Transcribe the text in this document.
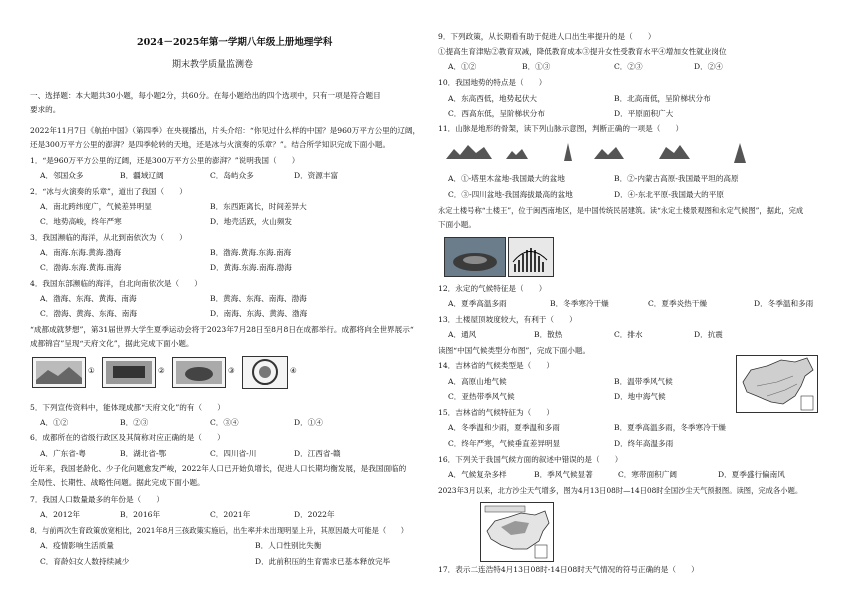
2024－2025年第一学期八年级上册地理学科
期末教学质量监测卷
一、选择题：本大题共30小题，每小题2分，共60分。在每小题给出的四个选项中，只有一项是符合题目
要求的。
2022年11月7日《航拍中国》（第四季）在央视播出，片头介绍：“你见过什么样的中国？是960万平方公里的辽阔，
还是300万平方公里的澎湃？是四季轮转的天地，还是冰与火演奏的乐章？”。结合所学知识完成下面小题。
1．“是960万平方公里的辽阔，还是300万平方公里的澎湃？”说明我国（　　）
A．邻国众多	B．疆域辽阔	C．岛屿众多	D．资源丰富
2．“冰与火演奏的乐章”，道出了我国（　　）
A．南北跨纬度广，气候差异明显	B．东西距离长，时间差异大
C．地势高峻，终年严寒	D．地壳活跃，火山频发
3．我国濒临的海洋，从北到南依次为（　　）
A．南海.东海.黄海.渤海	B．渤海.黄海.东海.南海
C．渤海.东海.黄海.南海	D．黄海.东海.南海.渤海
4．我国东部濒临的海洋，自北向南依次是（　　）
A．渤海、东海、黄海、南海	B．黄海、东海、南海、渤海
C．渤海、黄海、东海、南海	D．南海、东海、黄海、渤海
“成都成就梦想”，第31届世界大学生夏季运动会将于2023年7月28日至8月8日在成都举行。成都将向全世界展示“
成都锦宫”呈现“天府文化”，据此完成下面小题。
①	②	③	④
5．下列宣传资料中，能体现成都“天府文化”的有（　　）
A．①②	B．②③	C．③④	D．①④
6．成都所在的省级行政区及其简称对应正确的是（　　）
A．广东省-粤	B．湖北省-鄂	C．四川省-川	D．江西省-赣
近年来，我国老龄化、少子化问题愈发严峻，2022年人口已开始负增长，促进人口长期均衡发展，是我国面临的
全局性、长期性、战略性问题。据此完成下面小题。
7．我国人口数量最多的年份是（　　）
A．2012年	B．2016年	C．2021年	D．2022年
8．与前两次生育政策放宽相比，2021年8月三孩政策实施后，出生率并未出现明显上升，其原因最大可能是（　　）
A．疫情影响生活质量	B．人口性别比失衡
C．育龄妇女人数持续减少	D．此前积压的生育需求已基本释放完毕
9．下列政策，从长期看有助于促进人口出生率提升的是（　　）
①提高生育津贴②教育双减，降低教育成本③提升女性受教育水平④增加女性就业岗位
A．①②	B．①③	C．②③	D．②④
10．我国地势的特点是（　　）
A．东高西低，地势起伏大	B．北高南低，呈阶梯状分布
C．西高东低，呈阶梯状分布	D．平原面积广大
11．山脉是地形的骨架，读下列山脉示意图，判断正确的一项是（　　）
A．①-塔里木盆地-我国最大的盆地	B．②-内蒙古高原-我国最平坦的高原
C．③-四川盆地-我国海拔最高的盆地	D．④-东北平原-我国最大的平原
永定土楼号称“土楼王”，位于闽西南地区，是中国传统民居建筑。读“永定土楼景观图和永定气候图”，据此，完成
下面小题。
12．永定的气候特征是（　　）
A．夏季高温多雨	B．冬季寒冷干燥	C．夏季炎热干燥	D．冬季温和多雨
13．土楼屋顶坡度较大，有利于（　　）
A．通风	B．散热	C．排水	D．抗震
读图“中国气候类型分布图”，完成下面小题。
14．吉林省的气候类型是（　　）
A．高原山地气候	B．温带季风气候
C．亚热带季风气候	D．地中海气候
15．吉林省的气候特征为（　　）
A．冬季温和少雨，夏季温和多雨	B．夏季高温多雨，冬季寒冷干燥
C．终年严寒，气候垂直差异明显	D．终年高温多雨
16．下列关于我国气候方面的叙述中错误的是（　　）
A．气候复杂多样	B．季风气候显著	C．寒带面积广阔	D．夏季盛行偏南风
2023年3月以来，北方沙尘天气增多，图为4月13日08时—14日08时全国沙尘天气预报图。读图，完成各小题。
17．表示二连浩特4月13日08时-14日08时天气情况的符号正确的是（　　）
